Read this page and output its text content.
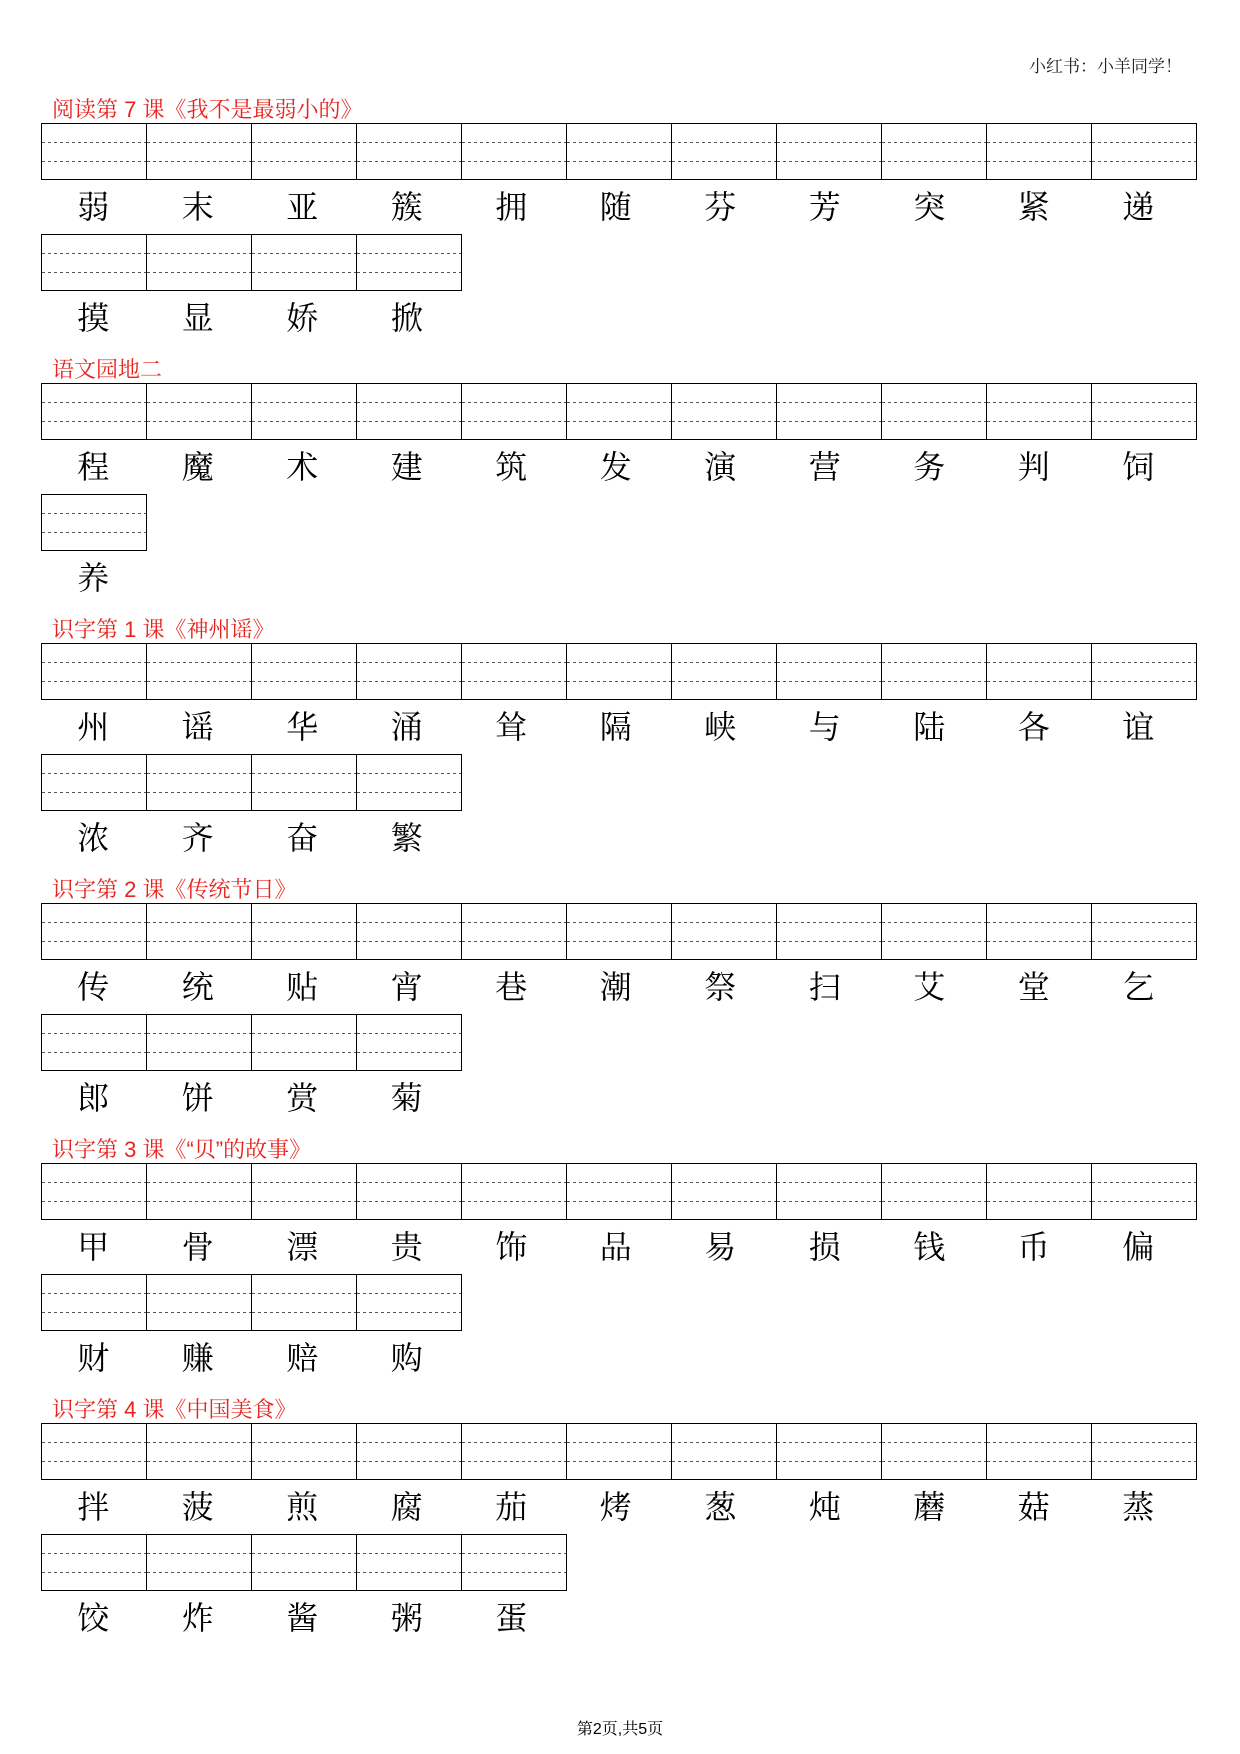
小红书：小羊同学！
阅读第 7 课《我不是最弱小的》
弱	末	亚	簇	拥	随	芬	芳	突	紧	递
摸	显	娇	掀
语文园地二
程	魔	术	建	筑	发	演	营	务	判	饲
养
识字第 1 课《神州谣》
州	谣	华	涌	耸	隔	峡	与	陆	各	谊
浓	齐	奋	繁
识字第 2 课《传统节日》
传	统	贴	宵	巷	潮	祭	扫	艾	堂	乞
郎	饼	赏	菊
识字第 3 课《“贝”的故事》
甲	骨	漂	贵	饰	品	易	损	钱	币	偏
财	赚	赔	购
识字第 4 课《中国美食》
拌	菠	煎	腐	茄	烤	葱	炖	蘑	菇	蒸
饺	炸	酱	粥	蛋
第2页,共5页
